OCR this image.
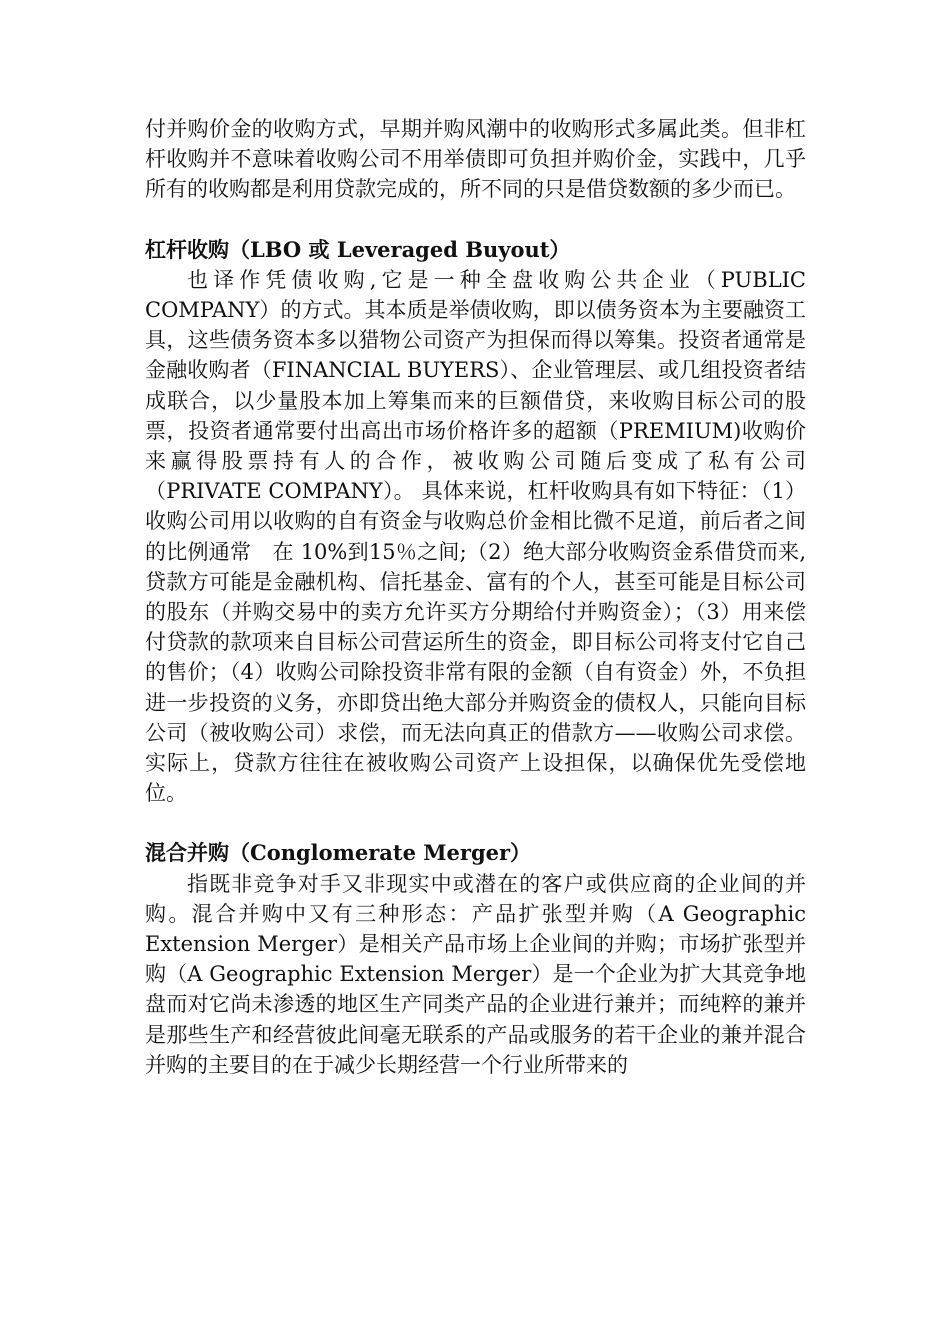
付并购价金的收购方式，早期并购风潮中的收购形式多属此类。但非杠杆收购并不意味着收购公司不用举债即可负担并购价金，实践中，几乎所有的收购都是利用贷款完成的，所不同的只是借贷数额的多少而已。

杠杆收购（LBO 或 Leveraged Buyout）

也译作凭债收购,它是一种全盘收购公共企业（PUBLIC COMPANY）的方式。其本质是举债收购，即以债务资本为主要融资工具，这些债务资本多以猎物公司资产为担保而得以筹集。投资者通常是金融收购者（FINANCIAL BUYERS）、企业管理层、或几组投资者结成联合，以少量股本加上筹集而来的巨额借贷，来收购目标公司的股票，投资者通常要付出高出市场价格许多的超额（PREMIUM)收购价来赢得股票持有人的合作，被收购公司随后变成了私有公司（PRIVATE COMPANY）。 具体来说，杠杆收购具有如下特征：（1）收购公司用以收购的自有资金与收购总价金相比微不足道，前后者之间的比例通常　在 10%到15％之间;（2）绝大部分收购资金系借贷而来,贷款方可能是金融机构、信托基金、富有的个人，甚至可能是目标公司的股东（并购交易中的卖方允许买方分期给付并购资金）；（3）用来偿付贷款的款项来自目标公司营运所生的资金，即目标公司将支付它自己的售价；（4）收购公司除投资非常有限的金额（自有资金）外，不负担进一步投资的义务，亦即贷出绝大部分并购资金的债权人，只能向目标公司（被收购公司）求偿，而无法向真正的借款方——收购公司求偿。实际上，贷款方往往在被收购公司资产上设担保，以确保优先受偿地位。

混合并购（Conglomerate Merger）

指既非竞争对手又非现实中或潜在的客户或供应商的企业间的并购。混合并购中又有三种形态：产品扩张型并购（A Geographic Extension Merger）是相关产品市场上企业间的并购；市场扩张型并购（A Geographic Extension Merger）是一个企业为扩大其竞争地盘而对它尚未渗透的地区生产同类产品的企业进行兼并；而纯粹的兼并是那些生产和经营彼此间毫无联系的产品或服务的若干企业的兼并混合并购的主要目的在于减少长期经营一个行业所带来的
